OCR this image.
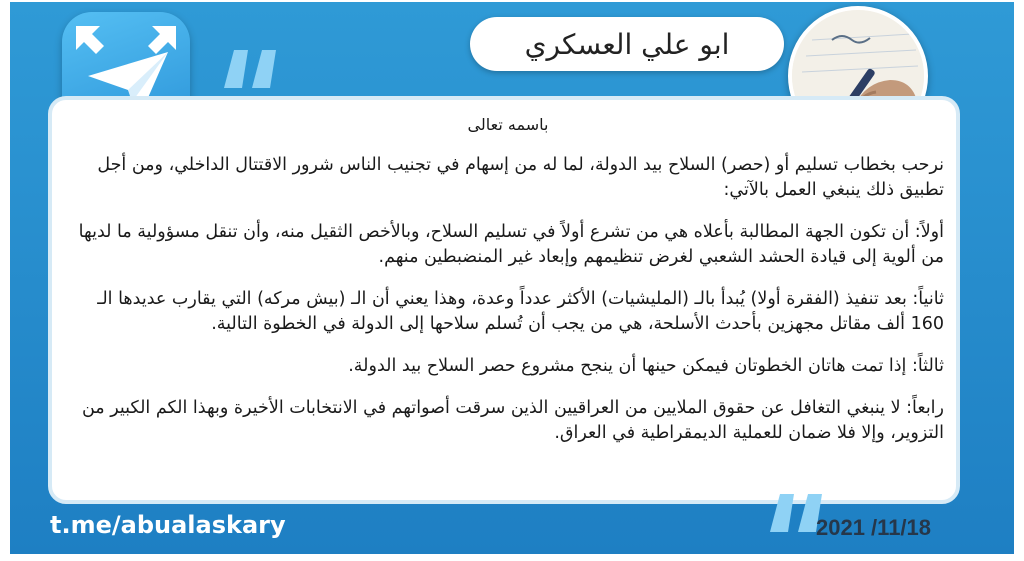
ابو علي العسكري
باسمه تعالى

نرحب بخطاب تسليم أو (حصر) السلاح بيد الدولة، لما له من إسهام في تجنيب الناس شرور الاقتتال الداخلي، ومن أجل تطبيق ذلك ينبغي العمل بالآتي:

أولاً: أن تكون الجهة المطالبة بأعلاه هي من تشرع أولاً في تسليم السلاح، وبالأخص الثقيل منه، وأن تنقل مسؤولية ما لديها من ألوية إلى قيادة الحشد الشعبي لغرض تنظيمهم وإبعاد غير المنضبطين منهم.

ثانياً: بعد تنفيذ (الفقرة أولا) يُبدأ بالـ (المليشيات) الأكثر عدداً وعدة، وهذا يعني أن الـ (بيش مركه) التي يقارب عديدها الـ 160 ألف مقاتل مجهزين بأحدث الأسلحة، هي من يجب أن تُسلم سلاحها إلى الدولة في الخطوة التالية.

ثالثاً: إذا تمت هاتان الخطوتان فيمكن حينها أن ينجح مشروع حصر السلاح بيد الدولة.

رابعاً: لا ينبغي التغافل عن حقوق الملايين من العراقيين الذين سرقت أصواتهم في الانتخابات الأخيرة وبهذا الكم الكبير من التزوير، وإلا فلا ضمان للعملية الديمقراطية في العراق.

t.me/abualaskary	2021 /11/18
